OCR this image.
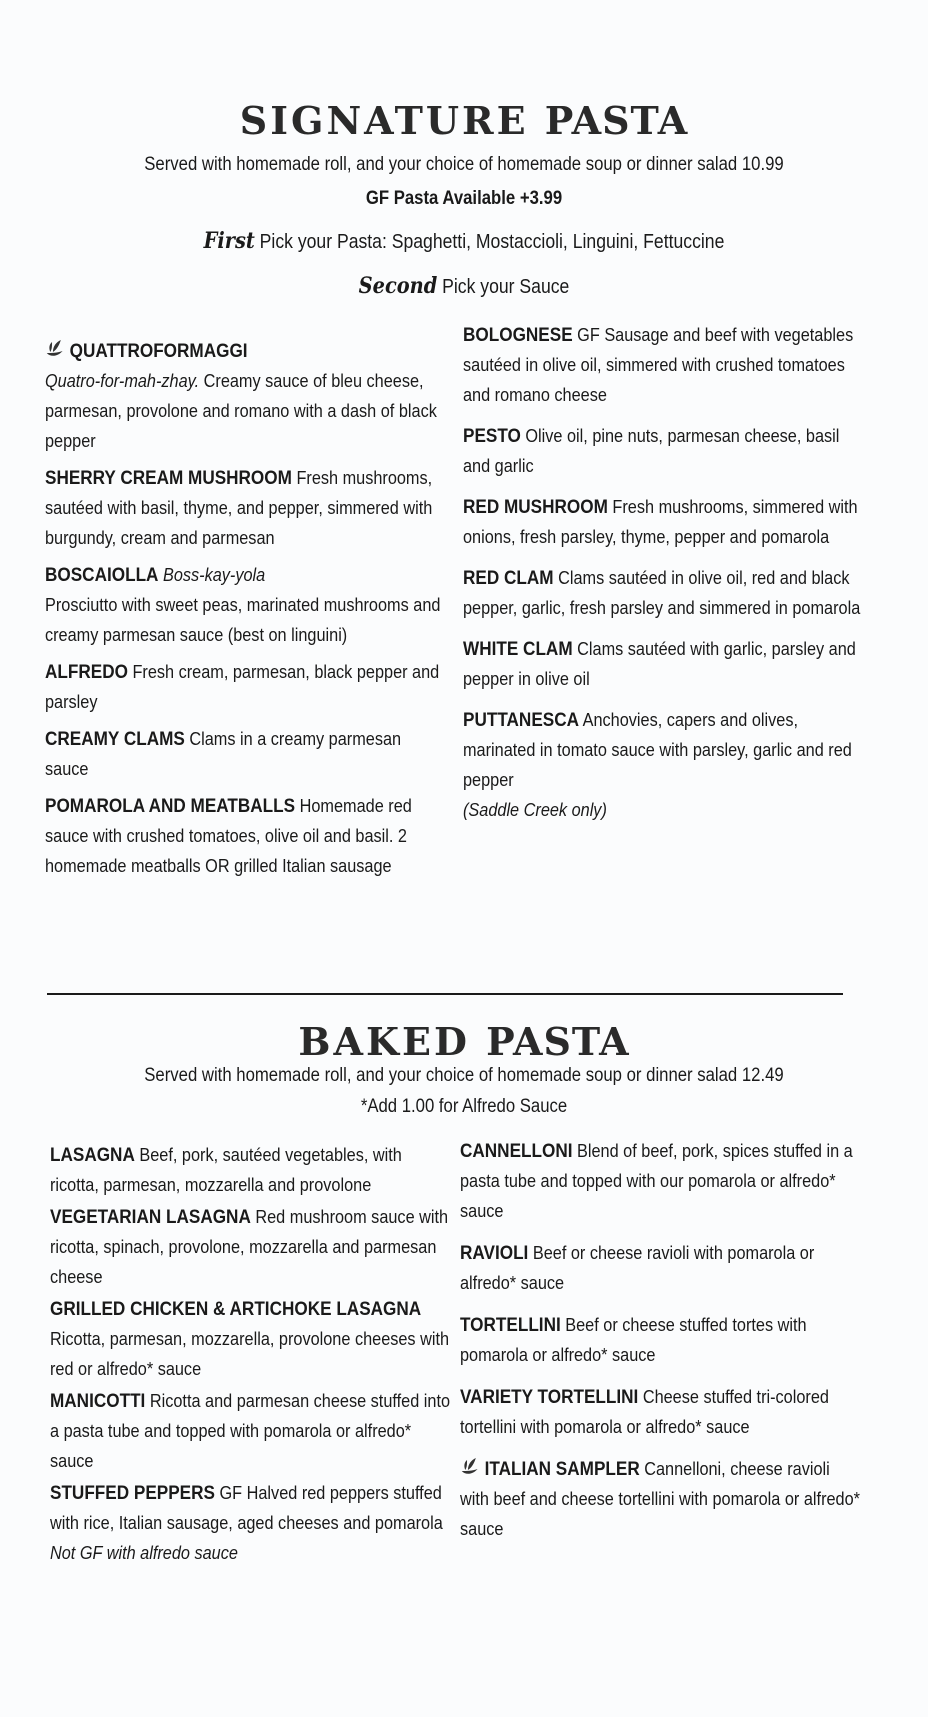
SIGNATURE PASTA
Served with homemade roll, and your choice of homemade soup or dinner salad 10.99
GF Pasta Available +3.99
First Pick your Pasta: Spaghetti, Mostaccioli, Linguini, Fettuccine
Second Pick your Sauce
QUATTROFORMAGGI
Quatro-for-mah-zhay. Creamy sauce of bleu cheese, parmesan, provolone and romano with a dash of black pepper
SHERRY CREAM MUSHROOM Fresh mushrooms, sautéed with basil, thyme, and pepper, simmered with burgundy, cream and parmesan
BOSCAIOLLA Boss-kay-yola
Prosciutto with sweet peas, marinated mushrooms and creamy parmesan sauce (best on linguini)
ALFREDO Fresh cream, parmesan, black pepper and parsley
CREAMY CLAMS Clams in a creamy parmesan sauce
POMAROLA AND MEATBALLS Homemade red sauce with crushed tomatoes, olive oil and basil. 2 homemade meatballs OR grilled Italian sausage
BOLOGNESE GF Sausage and beef with vegetables sautéed in olive oil, simmered with crushed tomatoes and romano cheese
PESTO Olive oil, pine nuts, parmesan cheese, basil and garlic
RED MUSHROOM Fresh mushrooms, simmered with onions, fresh parsley, thyme, pepper and pomarola
RED CLAM Clams sautéed in olive oil, red and black pepper, garlic, fresh parsley and simmered in pomarola
WHITE CLAM Clams sautéed with garlic, parsley and pepper in olive oil
PUTTANESCA Anchovies, capers and olives, marinated in tomato sauce with parsley, garlic and red pepper
(Saddle Creek only)
BAKED PASTA
Served with homemade roll, and your choice of homemade soup or dinner salad 12.49
*Add 1.00 for Alfredo Sauce
LASAGNA Beef, pork, sautéed vegetables, with ricotta, parmesan, mozzarella and provolone
VEGETARIAN LASAGNA Red mushroom sauce with ricotta, spinach, provolone, mozzarella and parmesan cheese
GRILLED CHICKEN & ARTICHOKE LASAGNA Ricotta, parmesan, mozzarella, provolone cheeses with red or alfredo* sauce
MANICOTTI Ricotta and parmesan cheese stuffed into a pasta tube and topped with pomarola or alfredo* sauce
STUFFED PEPPERS GF Halved red peppers stuffed with rice, Italian sausage, aged cheeses and pomarola
Not GF with alfredo sauce
CANNELLONI Blend of beef, pork, spices stuffed in a pasta tube and topped with our pomarola or alfredo* sauce
RAVIOLI Beef or cheese ravioli with pomarola or alfredo* sauce
TORTELLINI Beef or cheese stuffed tortes with pomarola or alfredo* sauce
VARIETY TORTELLINI Cheese stuffed tri-colored tortellini with pomarola or alfredo* sauce
ITALIAN SAMPLER Cannelloni, cheese ravioli with beef and cheese tortellini with pomarola or alfredo* sauce
